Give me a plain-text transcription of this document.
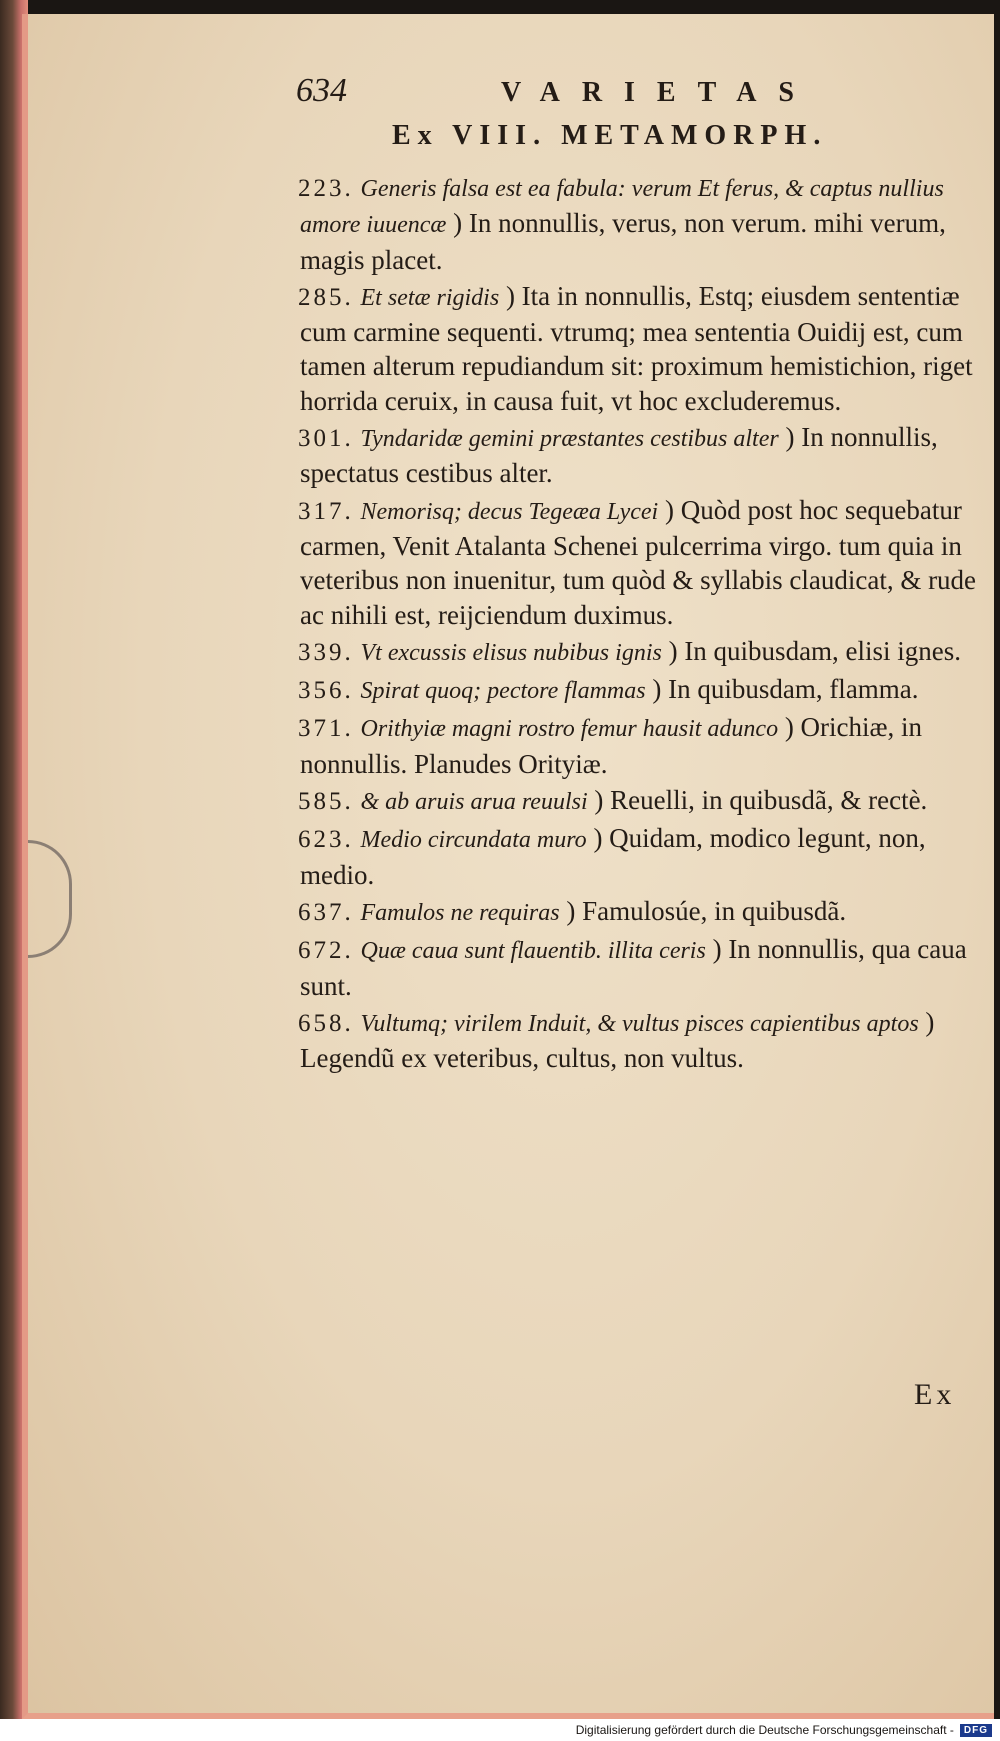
634	VARIETAS
Ex VIII. METAMORPH.
223. Generis falsa est ea fabula: verum Et ferus, & captus nullius amore iuuencæ ) In nonnullis, verus, non verum. mihi verum, magis placet.
285. Et setæ rigidis ) Ita in nonnullis, Estq; eiusdem sententiæ cum carmine sequenti. vtrumq; mea sententia Ouidij est, cum tamen alterum repudiandum sit: proximum hemistichion, riget horrida ceruix, in causa fuit, vt hoc excluderemus.
301. Tyndaridæ gemini præstantes cestibus alter ) In nonnullis, spectatus cestibus alter.
317. Nemorisq; decus Tegeæa Lycei ) Quòd post hoc sequebatur carmen, Venit Atalanta Schenei pulcerrima virgo. tum quia in veteribus non inuenitur, tum quòd & syllabis claudicat, & rude ac nihili est, reijciendum duximus.
339. Vt excussis elisus nubibus ignis ) In quibusdam, elisi ignes.
356. Spirat quoq; pectore flammas ) In quibusdam, flamma.
371. Orithyiæ magni rostro femur hausit adunco ) Orichiæ, in nonnullis. Planudes Orityiæ.
585. & ab aruis arua reuulsi ) Reuelli, in quibusdã, & rectè.
623. Medio circundata muro ) Quidam, modico legunt, non, medio.
637. Famulos ne requiras ) Famulosúe, in quibusdã.
672. Quæ caua sunt flauentib. illita ceris ) In nonnullis, qua caua sunt.
658. Vultumq; virilem Induit, & vultus pisces capientibus aptos ) Legendũ ex veteribus, cultus, non vultus.
Ex
Digitalisierung gefördert durch die Deutsche Forschungsgemeinschaft -	DFG
